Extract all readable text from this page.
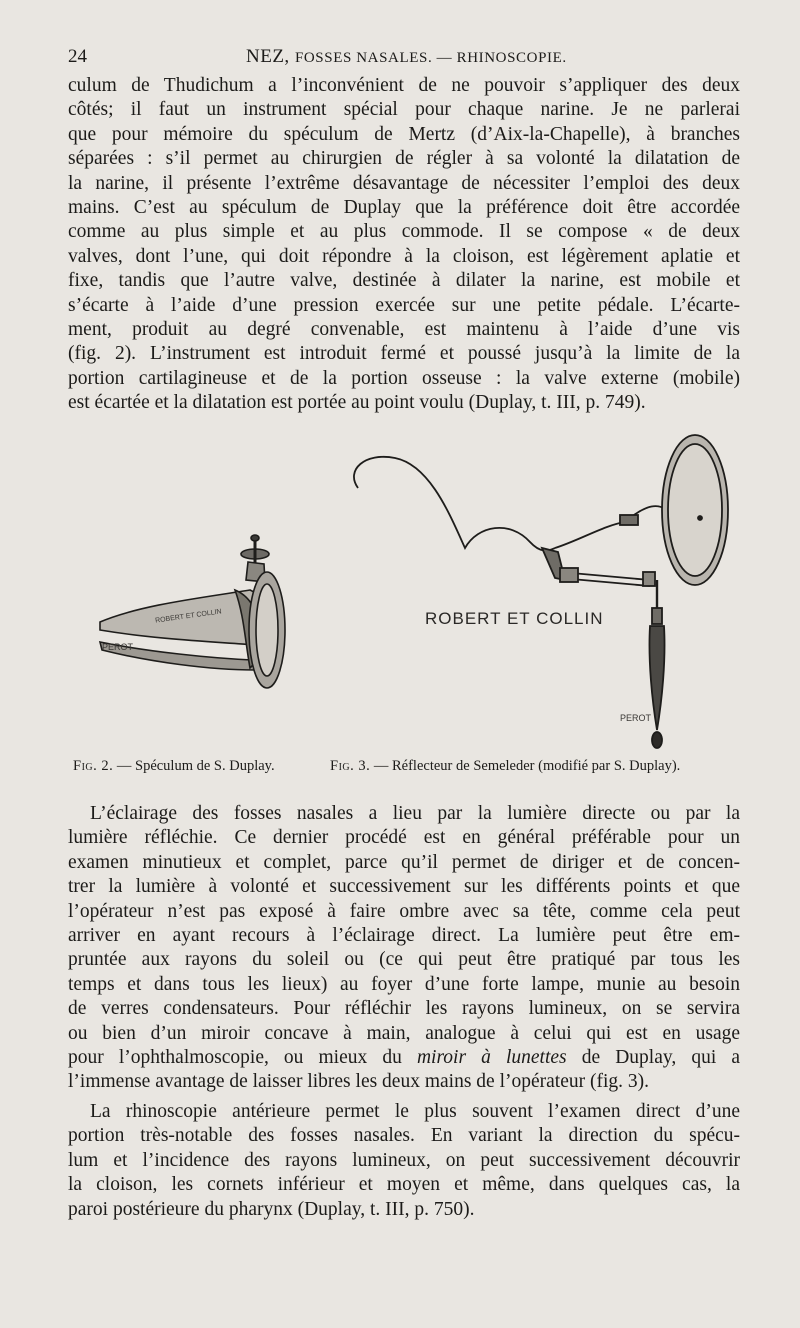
24	NEZ, FOSSES NASALES. — RHINOSCOPIE.
culum de Thudichum a l’inconvénient de ne pouvoir s’appliquer des deux
côtés; il faut un instrument spécial pour chaque narine. Je ne parlerai
que pour mémoire du spéculum de Mertz (d’Aix-la-Chapelle), à branches
séparées : s’il permet au chirurgien de régler à sa volonté la dilatation de
la narine, il présente l’extrême désavantage de nécessiter l’emploi des deux
mains. C’est au spéculum de Duplay que la préférence doit être accordée
comme au plus simple et au plus commode. Il se compose « de deux
valves, dont l’une, qui doit répondre à la cloison, est légèrement aplatie et
fixe, tandis que l’autre valve, destinée à dilater la narine, est mobile et
s’écarte à l’aide d’une pression exercée sur une petite pédale. L’écarte-
ment, produit au degré convenable, est maintenu à l’aide d’une vis
(fig. 2). L’instrument est introduit fermé et poussé jusqu’à la limite de la
portion cartilagineuse et de la portion osseuse : la valve externe (mobile)
est écartée et la dilatation est portée au point voulu (Duplay, t. III, p. 749).
PEROT
PEROT
ROBERT ET COLLIN	ROBERT ET COLLIN
Fig. 2. — Spéculum de S. Duplay.	Fig. 3. — Réflecteur de Semeleder (modifié par S. Duplay).
L’éclairage des fosses nasales a lieu par la lumière directe ou par la
lumière réfléchie. Ce dernier procédé est en général préférable pour un
examen minutieux et complet, parce qu’il permet de diriger et de concen-
trer la lumière à volonté et successivement sur les différents points et que
l’opérateur n’est pas exposé à faire ombre avec sa tête, comme cela peut
arriver en ayant recours à l’éclairage direct. La lumière peut être em-
pruntée aux rayons du soleil ou (ce qui peut être pratiqué par tous les
temps et dans tous les lieux) au foyer d’une forte lampe, munie au besoin
de verres condensateurs. Pour réfléchir les rayons lumineux, on se servira
ou bien d’un miroir concave à main, analogue à celui qui est en usage
pour l’ophthalmoscopie, ou mieux du miroir à lunettes de Duplay, qui a
l’immense avantage de laisser libres les deux mains de l’opérateur (fig. 3).
La rhinoscopie antérieure permet le plus souvent l’examen direct d’une
portion très-notable des fosses nasales. En variant la direction du spécu-
lum et l’incidence des rayons lumineux, on peut successivement découvrir
la cloison, les cornets inférieur et moyen et même, dans quelques cas, la
paroi postérieure du pharynx (Duplay, t. III, p. 750).
